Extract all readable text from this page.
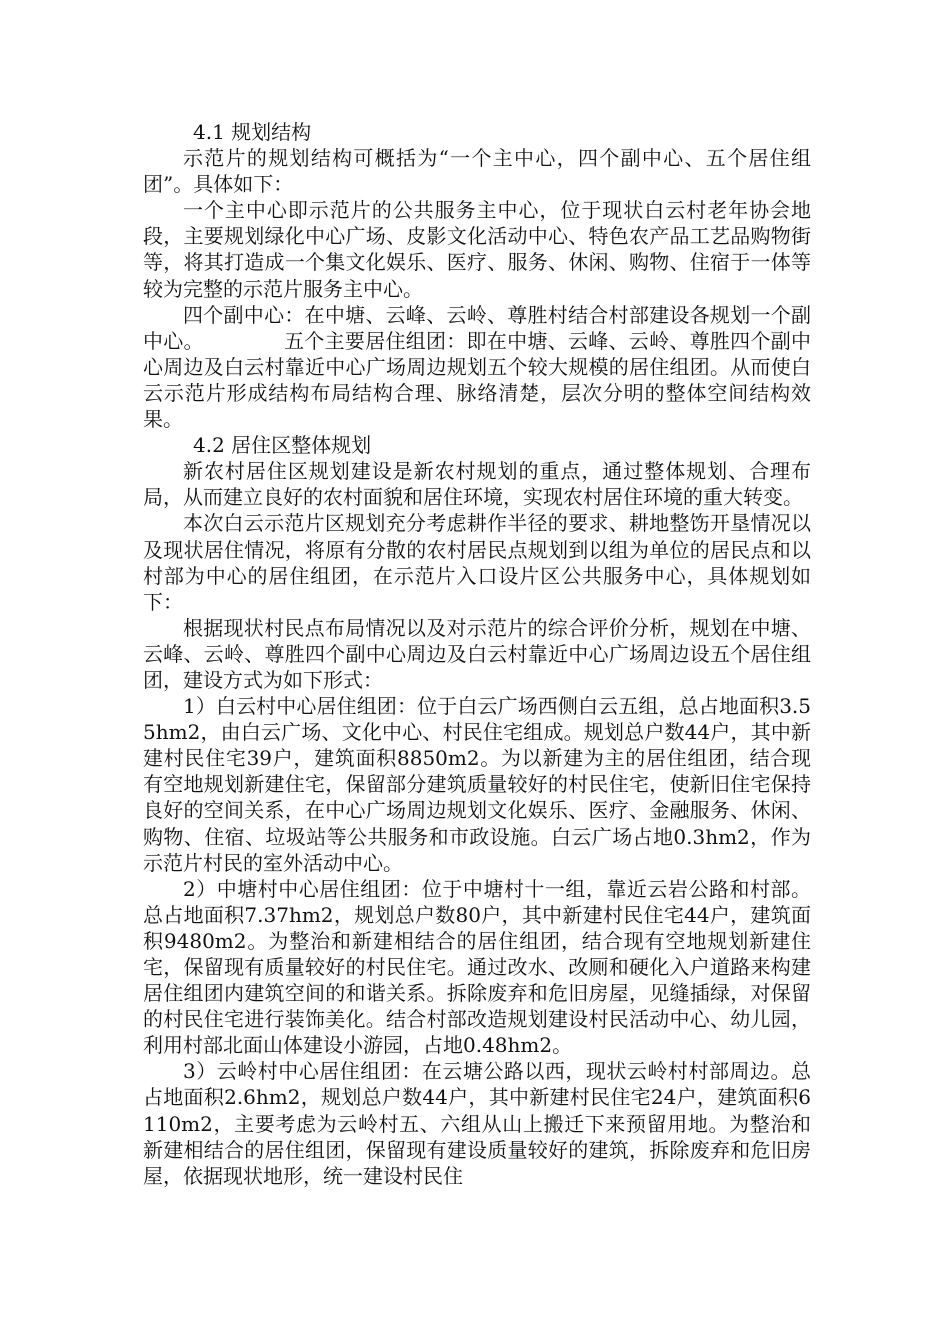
4.1 规划结构

示范片的规划结构可概括为“一个主中心，四个副中心、五个居住组团”。具体如下：

一个主中心即示范片的公共服务主中心，位于现状白云村老年协会地段，主要规划绿化中心广场、皮影文化活动中心、特色农产品工艺品购物街等，将其打造成一个集文化娱乐、医疗、服务、休闲、购物、住宿于一体等较为完整的示范片服务主中心。

四个副中心：在中塘、云峰、云岭、尊胜村结合村部建设各规划一个副中心。	五个主要居住组团：即在中塘、云峰、云岭、尊胜四个副中心周边及白云村靠近中心广场周边规划五个较大规模的居住组团。从而使白云示范片形成结构布局结构合理、脉络清楚，层次分明的整体空间结构效果。

4.2 居住区整体规划

新农村居住区规划建设是新农村规划的重点，通过整体规划、合理布局，从而建立良好的农村面貌和居住环境，实现农村居住环境的重大转变。

本次白云示范片区规划充分考虑耕作半径的要求、耕地整饬开垦情况以及现状居住情况，将原有分散的农村居民点规划到以组为单位的居民点和以村部为中心的居住组团，在示范片入口设片区公共服务中心，具体规划如下：

根据现状村民点布局情况以及对示范片的综合评价分析，规划在中塘、云峰、云岭、尊胜四个副中心周边及白云村靠近中心广场周边设五个居住组团，建设方式为如下形式：

1）白云村中心居住组团：位于白云广场西侧白云五组，总占地面积3.55hm2，由白云广场、文化中心、村民住宅组成。规划总户数44户，其中新建村民住宅39户，建筑面积8850m2。为以新建为主的居住组团，结合现有空地规划新建住宅，保留部分建筑质量较好的村民住宅，使新旧住宅保持良好的空间关系，在中心广场周边规划文化娱乐、医疗、金融服务、休闲、购物、住宿、垃圾站等公共服务和市政设施。白云广场占地0.3hm2，作为示范片村民的室外活动中心。

2）中塘村中心居住组团：位于中塘村十一组，靠近云岩公路和村部。总占地面积7.37hm2，规划总户数80户，其中新建村民住宅44户，建筑面积9480m2。为整治和新建相结合的居住组团，结合现有空地规划新建住宅，保留现有质量较好的村民住宅。通过改水、改厕和硬化入户道路来构建居住组团内建筑空间的和谐关系。拆除废弃和危旧房屋，见缝插绿，对保留的村民住宅进行装饰美化。结合村部改造规划建设村民活动中心、幼儿园，利用村部北面山体建设小游园，占地0.48hm2。

3）云岭村中心居住组团：在云塘公路以西，现状云岭村村部周边。总占地面积2.6hm2，规划总户数44户，其中新建村民住宅24户，建筑面积6110m2，主要考虑为云岭村五、六组从山上搬迁下来预留用地。为整治和新建相结合的居住组团，保留现有建设质量较好的建筑，拆除废弃和危旧房屋，依据现状地形，统一建设村民住
